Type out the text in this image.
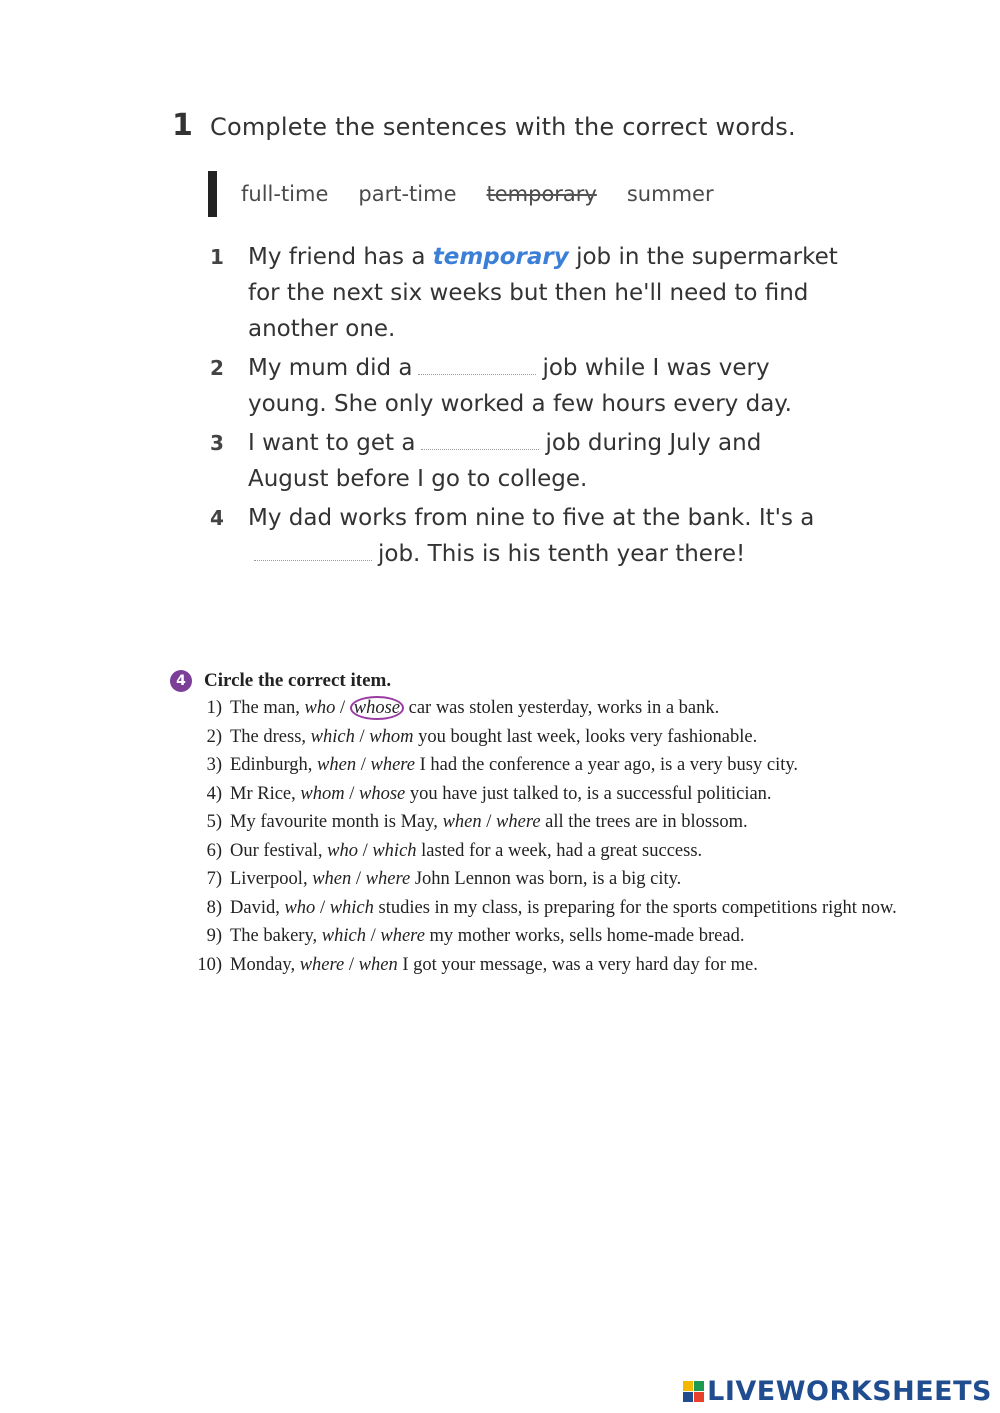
1 Complete the sentences with the correct words.
full-time part-time temporary summer
1	My friend has a temporary job in the supermarket for the next six weeks but then he'll need to find another one.
2	My mum did a	job while I was very young. She only worked a few hours every day.
3	I want to get a	job during July and August before I go to college.
4	My dad works from nine to five at the bank. It's ajob. This is his tenth year there!
4 Circle the correct item.
1) The man, who / whose car was stolen yesterday, works in a bank.
2) The dress, which / whom you bought last week, looks very fashionable.
3) Edinburgh, when / where I had the conference a year ago, is a very busy city.
4) Mr Rice, whom / whose you have just talked to, is a successful politician.
5) My favourite month is May, when / where all the trees are in blossom.
6) Our festival, who / which lasted for a week, had a great success.
7) Liverpool, when / where John Lennon was born, is a big city.
8) David, who / which studies in my class, is preparing for the sports competitions right now.
9) The bakery, which / where my mother works, sells home-made bread.
10) Monday, where / when I got your message, was a very hard day for me.
LIVEWORKSHEETS
